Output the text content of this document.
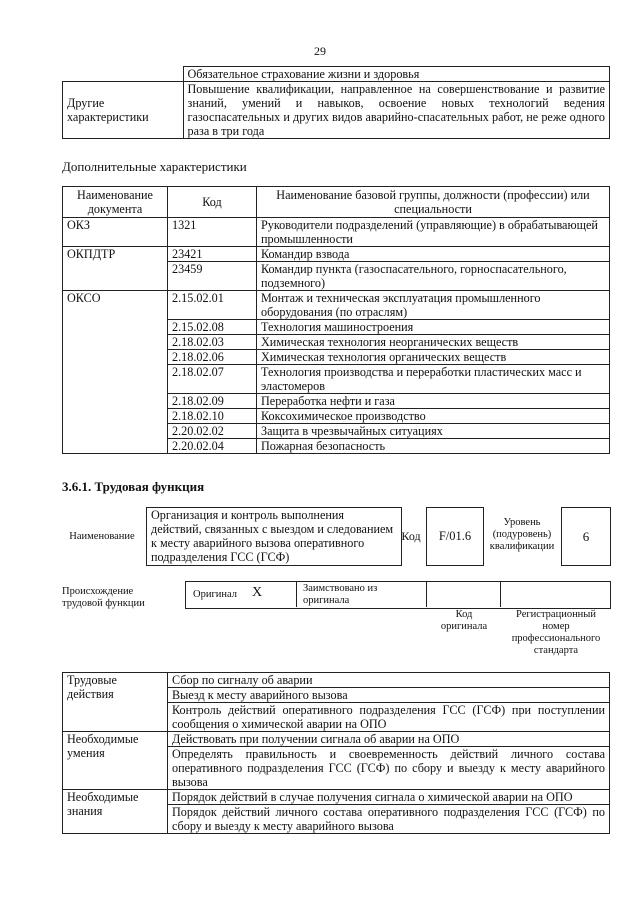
29
	Обязательное страхование жизни и здоровья
Другие характеристики	Повышение квалификации, направленное на совершенствование и развитие знаний, умений и навыков, освоение новых технологий ведения газоспасательных и других видов аварийно-спасательных работ, не реже одного раза в три года
Дополнительные характеристики
Наименование документа	Код	Наименование базовой группы, должности (профессии) или специальности
ОКЗ	1321	Руководители подразделений (управляющие) в обрабатывающей промышленности
ОКПДТР	23421	Командир взвода
	23459	Командир пункта (газоспасательного, горноспасательного, подземного)
ОКСО	2.15.02.01	Монтаж и техническая эксплуатация промышленного оборудования (по отраслям)
	2.15.02.08	Технология машиностроения
	2.18.02.03	Химическая технология неорганических веществ
	2.18.02.06	Химическая технология органических веществ
	2.18.02.07	Технология производства и переработки пластических масс и эластомеров
	2.18.02.09	Переработка нефти и газа
	2.18.02.10	Коксохимическое производство
	2.20.02.02	Защита в чрезвычайных ситуациях
	2.20.02.04	Пожарная безопасность
3.6.1. Трудовая функция
Наименование
Организация и контроль выполнения действий, связанных с выездом и следованием к месту аварийного вызова оперативного подразделения ГСС (ГСФ)
Код	F/01.6
Уровень (подуровень) квалификации
6
Происхождение трудовой функции
Оригинал X	Заимствовано из оригинала
Код оригинала
Регистрационный номер профессионального стандарта
Трудовые действия	Сбор по сигналу об аварии
	Выезд к месту аварийного вызова
	Контроль действий оперативного подразделения ГСС (ГСФ) при поступлении сообщения о химической аварии на ОПО
Необходимые умения	Действовать при получении сигнала об аварии на ОПО
	Определять правильность и своевременность действий личного состава оперативного подразделения ГСС (ГСФ) по сбору и выезду к месту аварийного вызова
Необходимые знания	Порядок действий в случае получения сигнала о химической аварии на ОПО
	Порядок действий личного состава оперативного подразделения ГСС (ГСФ) по сбору и выезду к месту аварийного вызова
